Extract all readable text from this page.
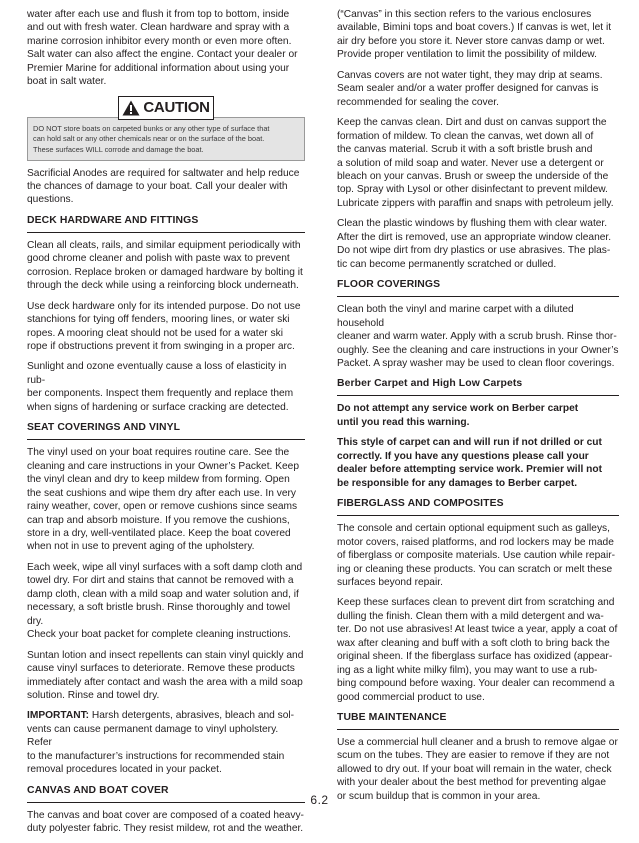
water after each use and flush it from top to bottom, inside
and out with fresh water. Clean hardware and spray with a
marine corrosion inhibitor every month or even more often.
Salt water can also affect the engine. Contact your dealer or
Premier Marine for additional information about using your
boat in salt water.

CAUTION
DO NOT store boats on carpeted bunks or any other type of surface that
can hold salt or any other chemicals near or on the surface of the boat.
These surfaces WILL corrode and damage the boat.

Sacrificial Anodes are required for saltwater and help reduce
the chances of damage to your boat. Call your dealer with
questions.

DECK HARDWARE AND FITTINGS

Clean all cleats, rails, and similar equipment periodically with
good chrome cleaner and polish with paste wax to prevent
corrosion. Replace broken or damaged hardware by bolting it
through the deck while using a reinforcing block underneath.

Use deck hardware only for its intended purpose. Do not use
stanchions for tying off fenders, mooring lines, or water ski
ropes. A mooring cleat should not be used for a water ski
rope if obstructions prevent it from swinging in a proper arc.

Sunlight and ozone eventually cause a loss of elasticity in rub-
ber components. Inspect them frequently and replace them
when signs of hardening or surface cracking are detected.

SEAT COVERINGS AND VINYL

The vinyl used on your boat requires routine care. See the
cleaning and care instructions in your Owner’s Packet. Keep
the vinyl clean and dry to keep mildew from forming. Open
the seat cushions and wipe them dry after each use. In very
rainy weather, cover, open or remove cushions since seams
can trap and absorb moisture. If you remove the cushions,
store in a dry, well-ventilated place. Keep the boat covered
when not in use to prevent aging of the upholstery.

Each week, wipe all vinyl surfaces with a soft damp cloth and
towel dry. For dirt and stains that cannot be removed with a
damp cloth, clean with a mild soap and water solution and, if
necessary, a soft bristle brush. Rinse thoroughly and towel dry.
Check your boat packet for complete cleaning instructions.

Suntan lotion and insect repellents can stain vinyl quickly and
cause vinyl surfaces to deteriorate. Remove these products
immediately after contact and wash the area with a mild soap
solution. Rinse and towel dry.

IMPORTANT: Harsh detergents, abrasives, bleach and sol-
vents can cause permanent damage to vinyl upholstery. Refer
to the manufacturer’s instructions for recommended stain
removal procedures located in your packet.

CANVAS AND BOAT COVER

The canvas and boat cover are composed of a coated heavy-
duty polyester fabric. They resist mildew, rot and the weather.

(“Canvas” in this section refers to the various enclosures
available, Bimini tops and boat covers.) If canvas is wet, let it
air dry before you store it. Never store canvas damp or wet.
Provide proper ventilation to limit the possibility of mildew.

Canvas covers are not water tight, they may drip at seams.
Seam sealer and/or a water proffer designed for canvas is
recommended for sealing the cover.

Keep the canvas clean. Dirt and dust on canvas support the
formation of mildew. To clean the canvas, wet down all of
the canvas material. Scrub it with a soft bristle brush and
a solution of mild soap and water. Never use a detergent or
bleach on your canvas. Brush or sweep the underside of the
top. Spray with Lysol or other disinfectant to prevent mildew.
Lubricate zippers with paraffin and snaps with petroleum jelly.

Clean the plastic windows by flushing them with clear water.
After the dirt is removed, use an appropriate window cleaner.
Do not wipe dirt from dry plastics or use abrasives. The plas-
tic can become permanently scratched or dulled.

FLOOR COVERINGS

Clean both the vinyl and marine carpet with a diluted household
cleaner and warm water. Apply with a scrub brush. Rinse thor-
oughly. See the cleaning and care instructions in your Owner’s
Packet. A spray washer may be used to clean floor coverings.

Berber Carpet and High Low Carpets

Do not attempt any service work on Berber carpet
until you read this warning.

This style of carpet can and will run if not drilled or cut
correctly. If you have any questions please call your
dealer before attempting service work. Premier will not
be responsible for any damages to Berber carpet.

FIBERGLASS AND COMPOSITES

The console and certain optional equipment such as galleys,
motor covers, raised platforms, and rod lockers may be made
of fiberglass or composite materials. Use caution while repair-
ing or cleaning these products. You can scratch or melt these
surfaces beyond repair.

Keep these surfaces clean to prevent dirt from scratching and
dulling the finish. Clean them with a mild detergent and wa-
ter. Do not use abrasives! At least twice a year, apply a coat of
wax after cleaning and buff with a soft cloth to bring back the
original sheen. If the fiberglass surface has oxidized (appear-
ing as a light white milky film), you may want to use a rub-
bing compound before waxing. Your dealer can recommend a
good commercial product to use.

TUBE MAINTENANCE

Use a commercial hull cleaner and a brush to remove algae or
scum on the tubes. They are easier to remove if they are not
allowed to dry out. If your boat will remain in the water, check
with your dealer about the best method for preventing algae
or scum buildup that is common in your area.

6.2
